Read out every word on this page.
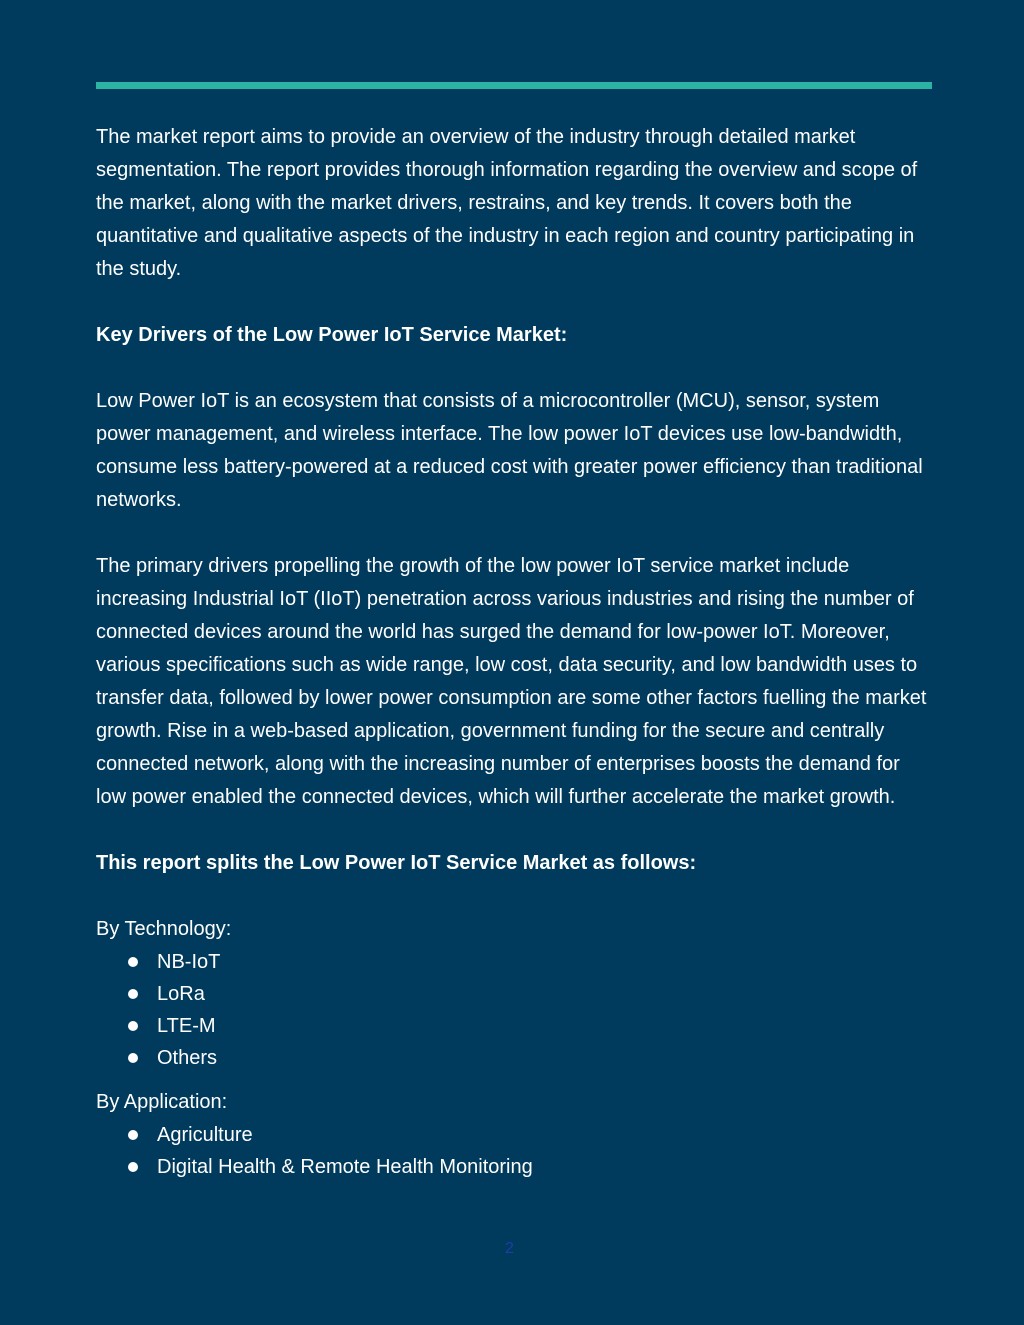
The market report aims to provide an overview of the industry through detailed market segmentation. The report provides thorough information regarding the overview and scope of the market, along with the market drivers, restrains, and key trends. It covers both the quantitative and qualitative aspects of the industry in each region and country participating in the study.

Key Drivers of the Low Power IoT Service Market:

Low Power IoT is an ecosystem that consists of a microcontroller (MCU), sensor, system power management, and wireless interface. The low power IoT devices use low-bandwidth, consume less battery-powered at a reduced cost with greater power efficiency than traditional networks.

The primary drivers propelling the growth of the low power IoT service market include increasing Industrial IoT (IIoT) penetration across various industries and rising the number of connected devices around the world has surged the demand for low-power IoT. Moreover, various specifications such as wide range, low cost, data security, and low bandwidth uses to transfer data, followed by lower power consumption are some other factors fuelling the market growth. Rise in a web-based application, government funding for the secure and centrally connected network, along with the increasing number of enterprises boosts the demand for low power enabled the connected devices, which will further accelerate the market growth.

This report splits the Low Power IoT Service Market as follows:

By Technology:

NB-IoT
LoRa
LTE-M
Others

By Application:

Agriculture
Digital Health & Remote Health Monitoring
2
